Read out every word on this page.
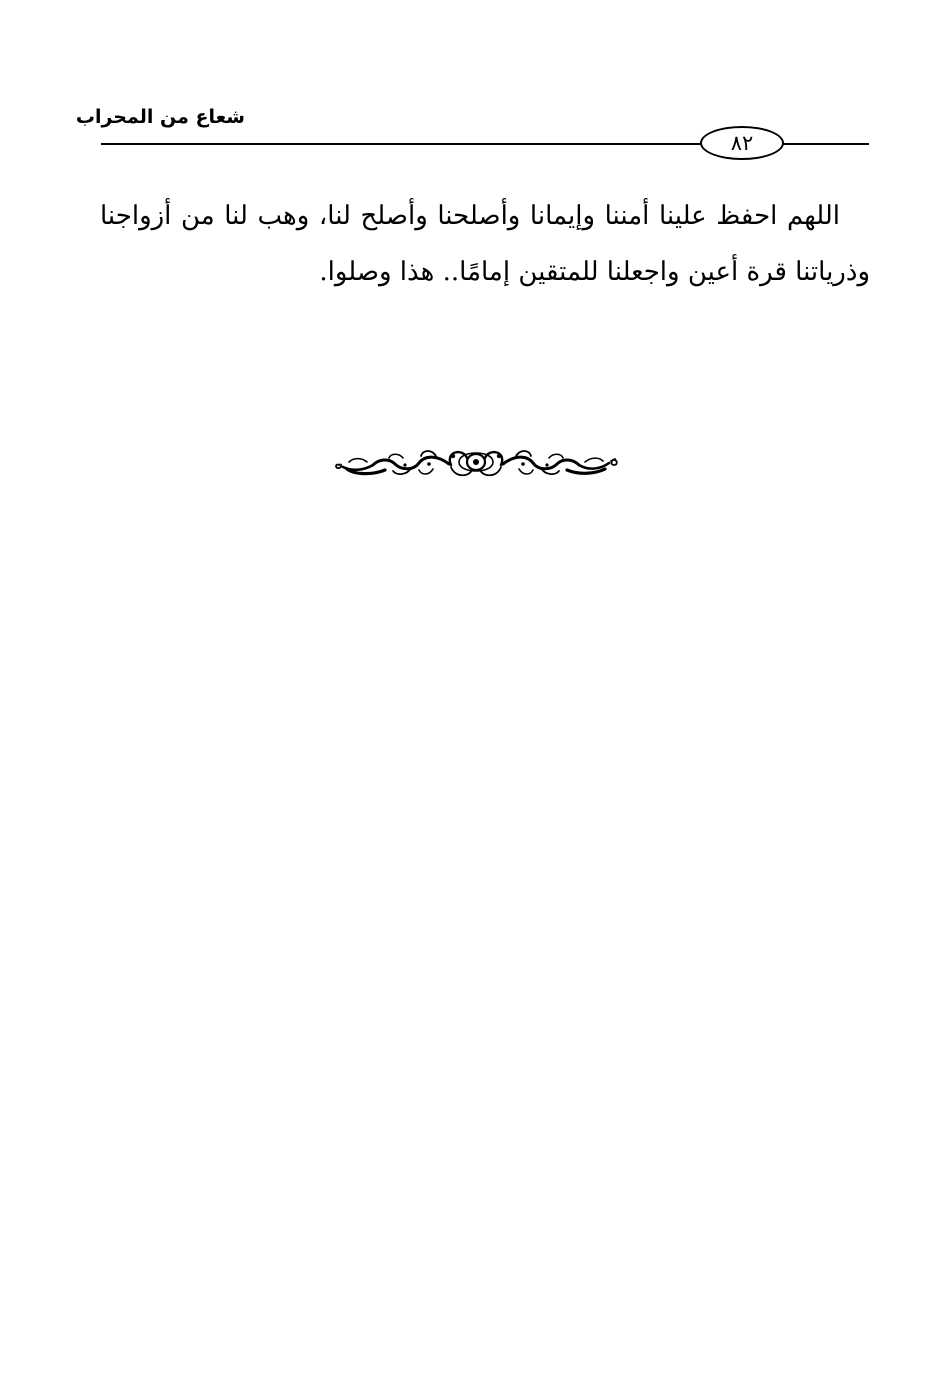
شعاع من المحراب
٨٢

اللهم احفظ علينا أمننا وإيمانا وأصلحنا وأصلح لنا، وهب لنا من أزواجنا وذرياتنا قرة أعين واجعلنا للمتقين إمامًا.. هذا وصلوا.
